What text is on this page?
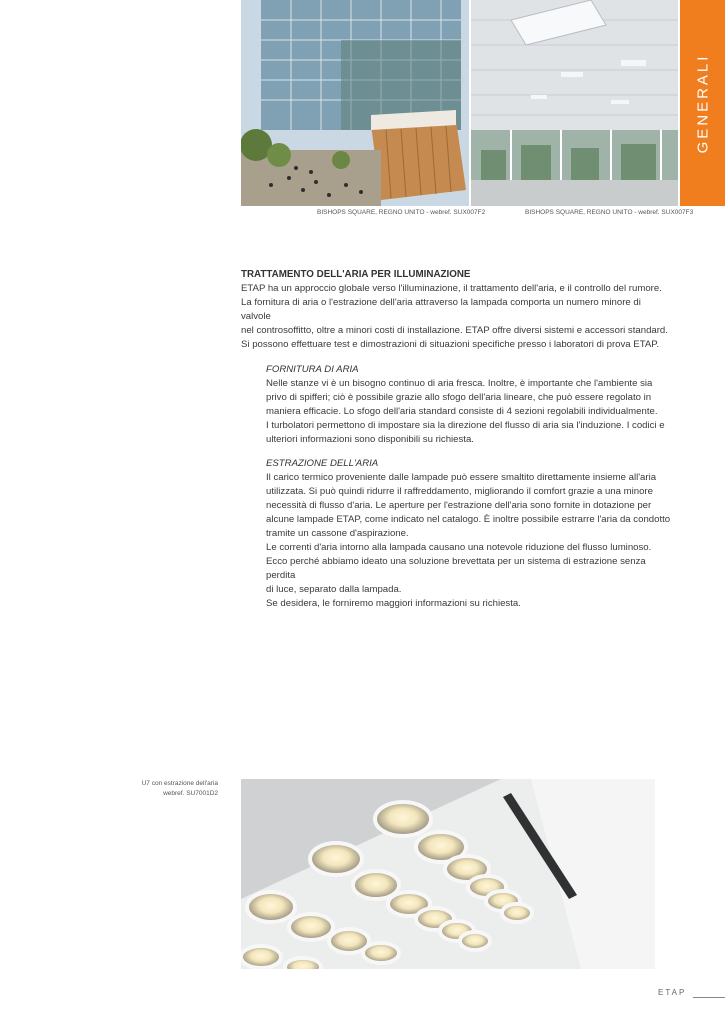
GENERALI
BISHOPS SQUARE, REGNO UNITO - webref. SUX007F2	BISHOPS SQUARE, REGNO UNITO - webref. SUX007F3

TRATTAMENTO DELL'ARIA PER ILLUMINAZIONE

ETAP ha un approccio globale verso l'illuminazione, il trattamento dell'aria, e il controllo del rumore.

La fornitura di aria o l'estrazione dell'aria attraverso la lampada comporta un numero minore di valvole

nel controsoffitto, oltre a minori costi di installazione. ETAP offre diversi sistemi e accessori standard.

Si possono effettuare test e dimostrazioni di situazioni specifiche presso i laboratori di prova ETAP.

FORNITURA DI ARIA

Nelle stanze vi è un bisogno continuo di aria fresca. Inoltre, è importante che l'ambiente sia

privo di spifferi; ciò è possibile grazie allo sfogo dell'aria lineare, che può essere regolato in

maniera efficacie. Lo sfogo dell'aria standard consiste di 4 sezioni regolabili individualmente.

I turbolatori permettono di impostare sia la direzione del flusso di aria sia l'induzione. I codici e

ulteriori informazioni sono disponibili su richiesta.

ESTRAZIONE DELL'ARIA

Il carico termico proveniente dalle lampade può essere smaltito direttamente insieme all'aria

utilizzata. Si può quindi ridurre il raffreddamento, migliorando il comfort grazie a una minore

necessità di flusso d'aria. Le aperture per l'estrazione dell'aria sono fornite in dotazione per

alcune lampade ETAP, come indicato nel catalogo. È inoltre possibile estrarre l'aria da condotto

tramite un cassone d'aspirazione.

Le correnti d'aria intorno alla lampada causano una notevole riduzione del flusso luminoso.

Ecco perché abbiamo ideato una soluzione brevettata per un sistema di estrazione senza perdita

di luce, separato dalla lampada.

Se desidera, le forniremo maggiori informazioni su richiesta.

U7 con estrazione dell'aria
webref. SU7001D2
ETAP
